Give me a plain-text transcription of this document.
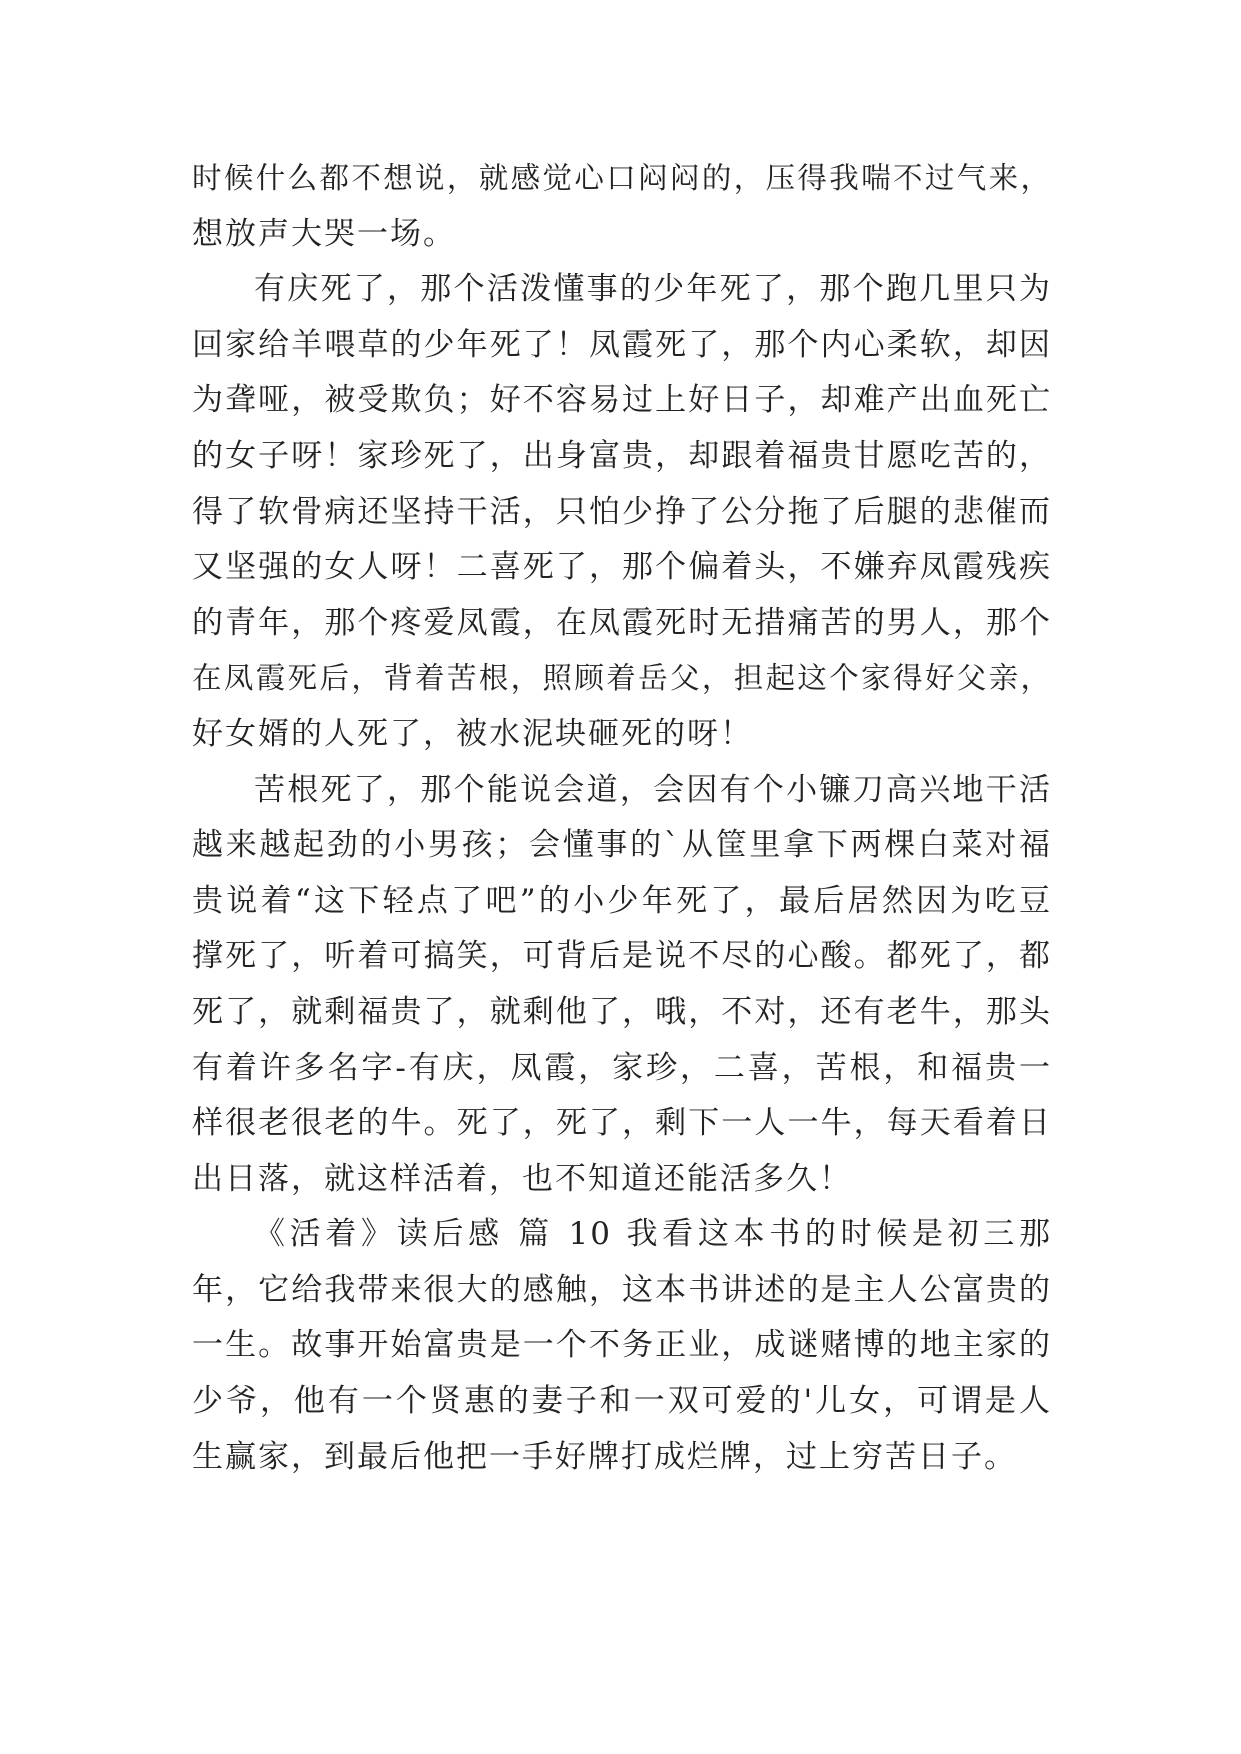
时候什么都不想说，就感觉心口闷闷的，压得我喘不过气来，
想放声大哭一场。
有庆死了，那个活泼懂事的少年死了，那个跑几里只为
回家给羊喂草的少年死了！凤霞死了，那个内心柔软，却因
为聋哑，被受欺负；好不容易过上好日子，却难产出血死亡
的女子呀！家珍死了，出身富贵，却跟着福贵甘愿吃苦的，
得了软骨病还坚持干活，只怕少挣了公分拖了后腿的悲催而
又坚强的女人呀！二喜死了，那个偏着头，不嫌弃凤霞残疾
的青年，那个疼爱凤霞，在凤霞死时无措痛苦的男人，那个
在凤霞死后，背着苦根，照顾着岳父，担起这个家得好父亲，
好女婿的人死了，被水泥块砸死的呀！
苦根死了，那个能说会道，会因有个小镰刀高兴地干活
越来越起劲的小男孩；会懂事的`从筐里拿下两棵白菜对福
贵说着“这下轻点了吧”的小少年死了，最后居然因为吃豆
撑死了，听着可搞笑，可背后是说不尽的心酸。都死了，都
死了，就剩福贵了，就剩他了，哦，不对，还有老牛，那头
有着许多名字-有庆，凤霞，家珍，二喜，苦根，和福贵一
样很老很老的牛。死了，死了，剩下一人一牛，每天看着日
出日落，就这样活着，也不知道还能活多久！
《活着》读后感 篇 10 我看这本书的时候是初三那
年，它给我带来很大的感触，这本书讲述的是主人公富贵的
一生。故事开始富贵是一个不务正业，成谜赌博的地主家的
少爷，他有一个贤惠的妻子和一双可爱的'儿女，可谓是人
生赢家，到最后他把一手好牌打成烂牌，过上穷苦日子。
